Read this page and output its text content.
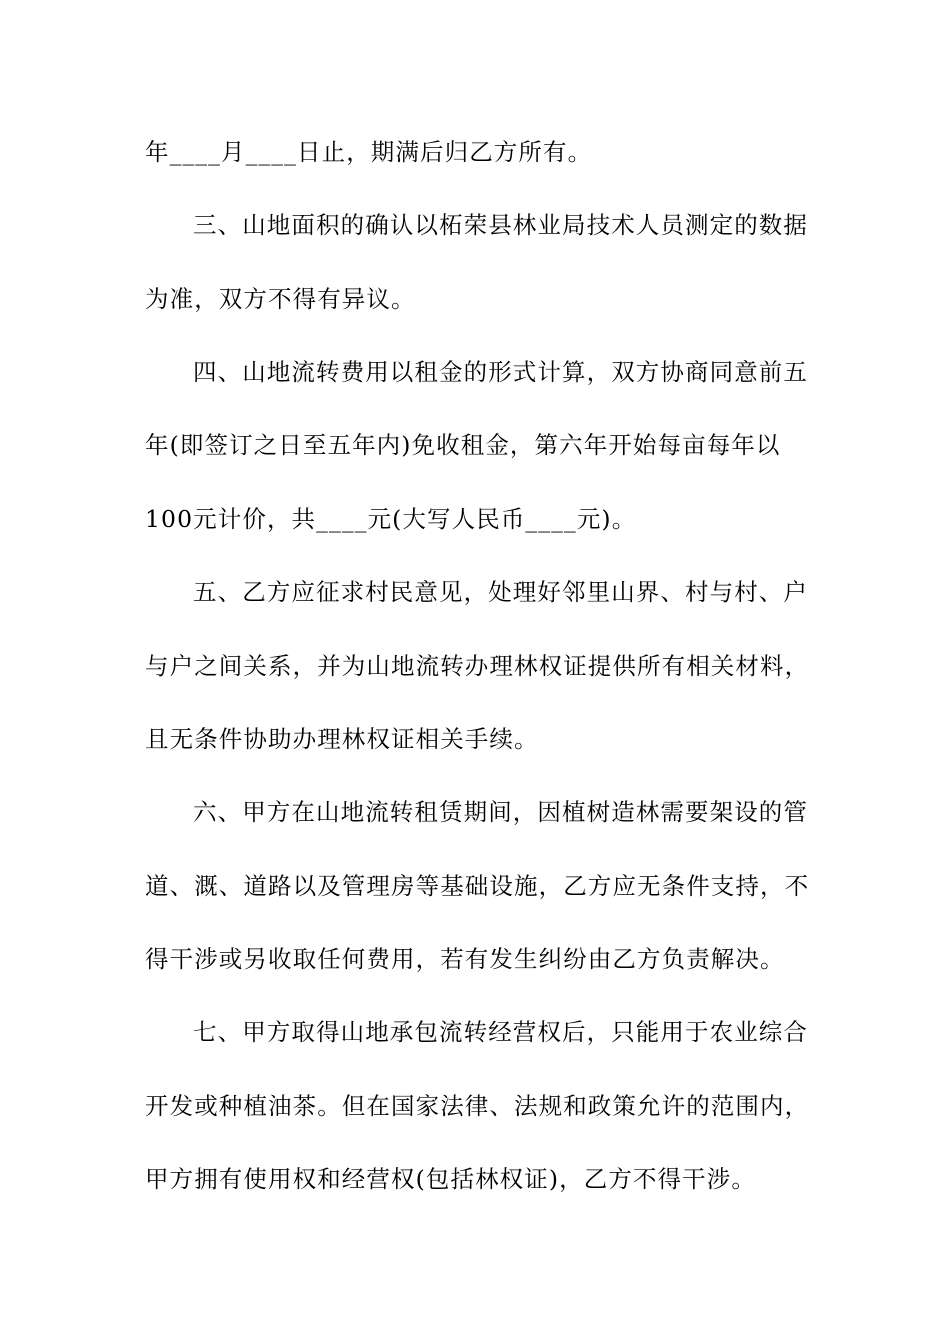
年____月____日止，期满后归乙方所有。
三、山地面积的确认以柘荣县林业局技术人员测定的数据
为准，双方不得有异议。
四、山地流转费用以租金的形式计算，双方协商同意前五
年(即签订之日至五年内)免收租金，第六年开始每亩每年以
100元计价，共____元(大写人民币____元)。
五、乙方应征求村民意见，处理好邻里山界、村与村、户
与户之间关系，并为山地流转办理林权证提供所有相关材料，
且无条件协助办理林权证相关手续。
六、甲方在山地流转租赁期间，因植树造林需要架设的管
道、溉、道路以及管理房等基础设施，乙方应无条件支持，不
得干涉或另收取任何费用，若有发生纠纷由乙方负责解决。
七、甲方取得山地承包流转经营权后，只能用于农业综合
开发或种植油茶。但在国家法律、法规和政策允许的范围内，
甲方拥有使用权和经营权(包括林权证)，乙方不得干涉。
